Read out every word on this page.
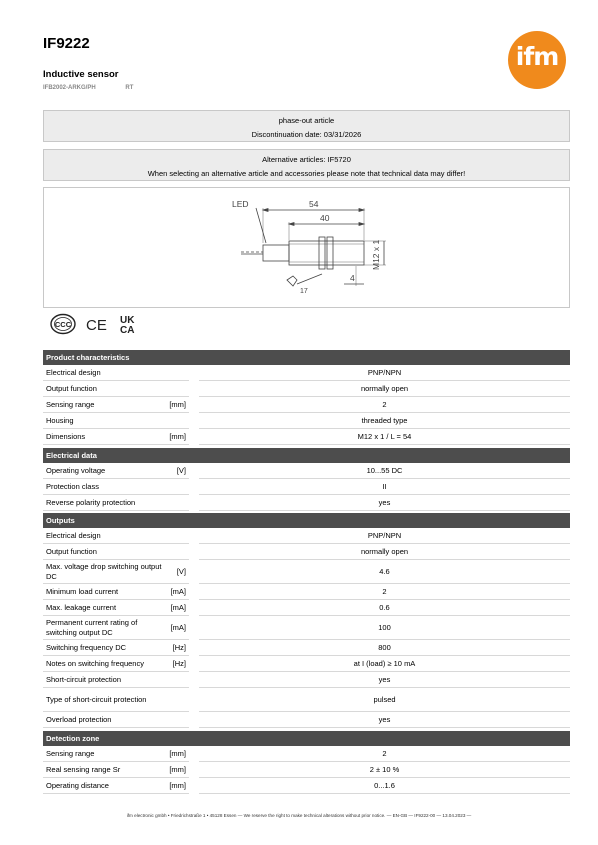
IF9222
Inductive sensor
IFB2002-ARKG/PH	RT
ifm
phase-out article
Discontinuation date: 03/31/2026
Alternative articles: IF5720
When selecting an alternative article and accessories please note that technical data may differ!
LED	54
40
4
17
M12 x 1
CCC CE UK
CA
Product characteristics
Electrical design	PNP/NPN
Output function	normally open
Sensing range	[mm]	2
Housing	threaded type
Dimensions	[mm]	M12 x 1 / L = 54
Electrical data
Operating voltage	[V]	10...55 DC
Protection class	II
Reverse polarity protection	yes
Outputs
Electrical design	PNP/NPN
Output function	normally open
Max. voltage drop switching output DC
[V]	4.6
Minimum load current	[mA]	2
Max. leakage current	[mA]	0.6
Permanent current rating of switching output DC
[mA]	100
Switching frequency DC	[Hz]	800
Notes on switching frequency	[Hz]	at I (load) ≥ 10 mA
Short-circuit protection	yes
Type of short-circuit protection	pulsed
Overload protection	yes
Detection zone
Sensing range	[mm]	2
Real sensing range Sr	[mm]	2 ± 10 %
Operating distance	[mm]	0...1.6
ifm electronic gmbh • Friedrichstraße 1 • 45128 Essen — We reserve the right to make technical alterations without prior notice. — EN-GB — IF9222-00 — 13.04.2023 —
